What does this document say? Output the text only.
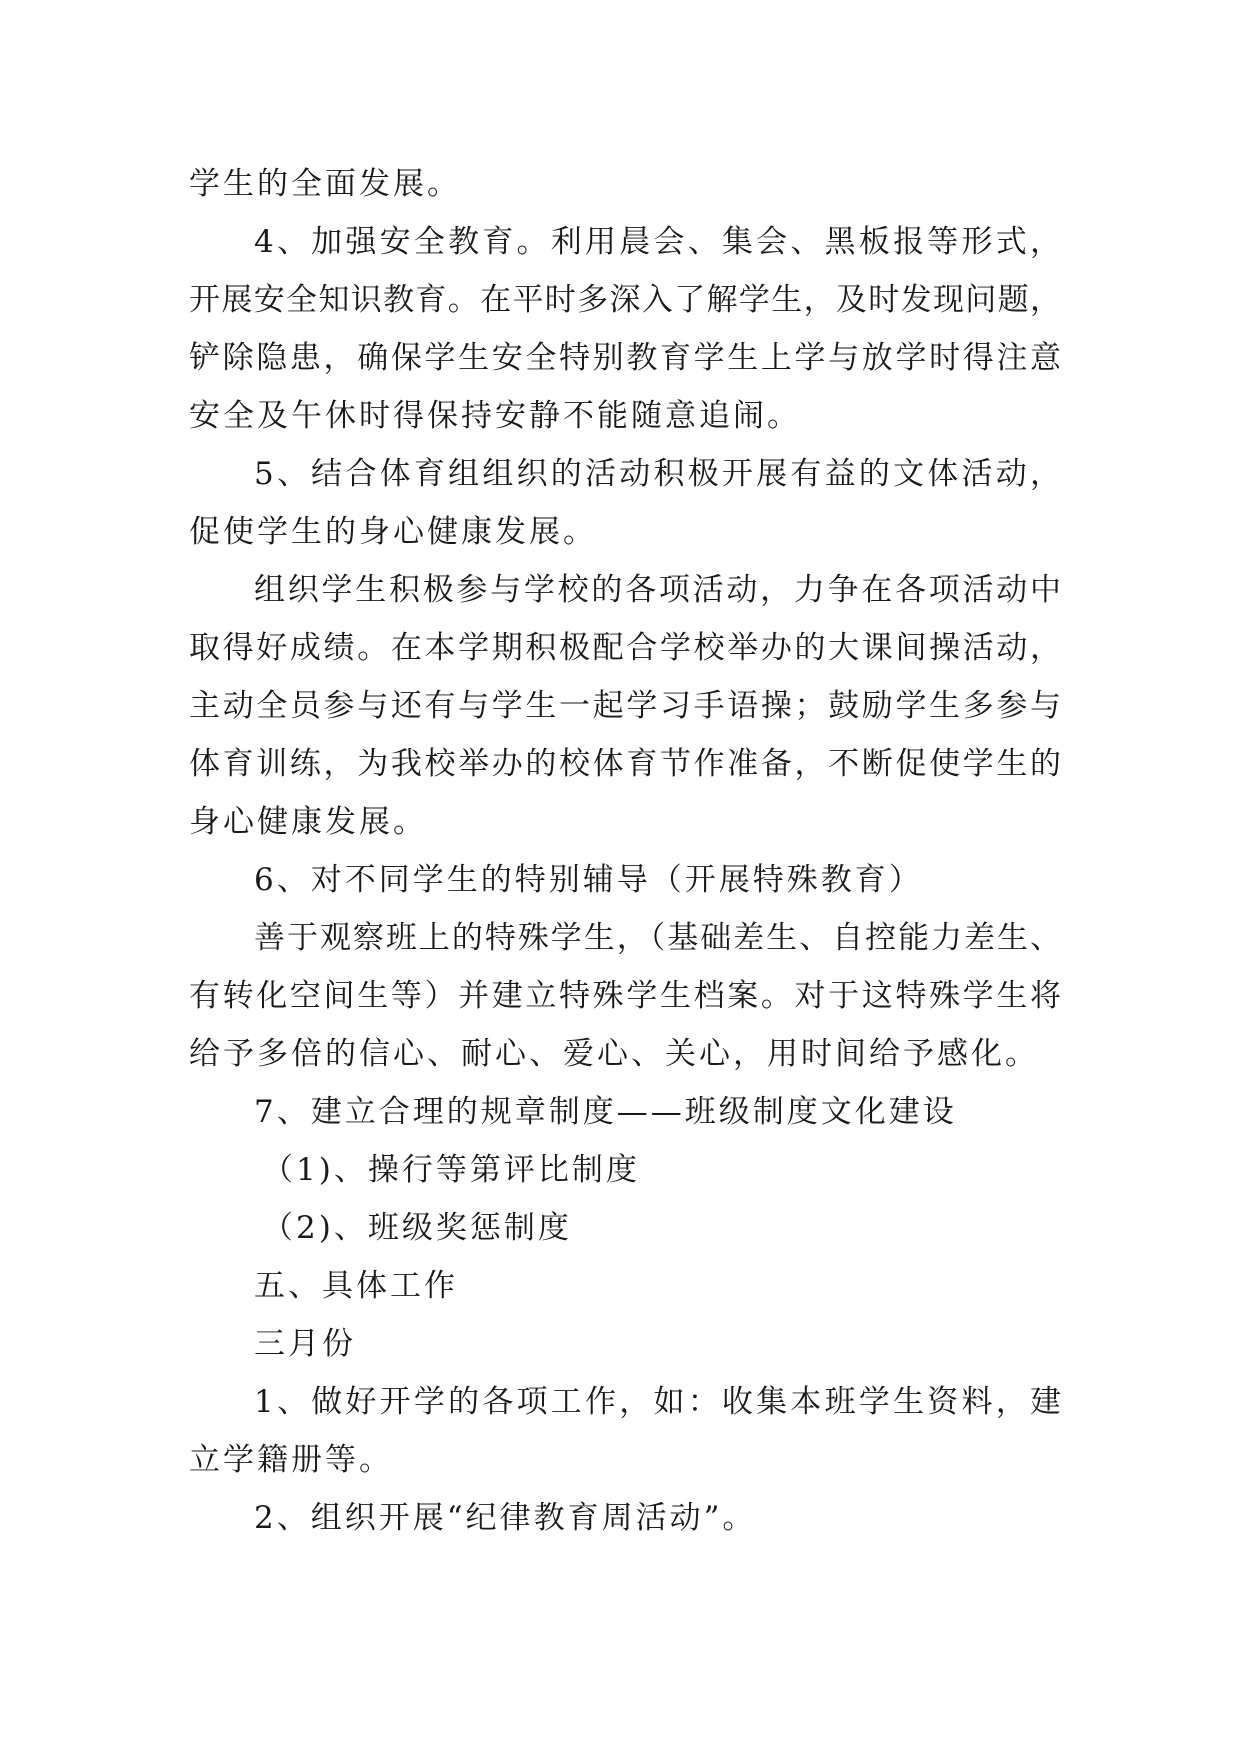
学生的全面发展。
4、加强安全教育。利用晨会、集会、黑板报等形式，
开展安全知识教育。在平时多深入了解学生，及时发现问题，
铲除隐患，确保学生安全特别教育学生上学与放学时得注意
安全及午休时得保持安静不能随意追闹。
5、结合体育组组织的活动积极开展有益的文体活动，
促使学生的身心健康发展。
组织学生积极参与学校的各项活动，力争在各项活动中
取得好成绩。在本学期积极配合学校举办的大课间操活动，
主动全员参与还有与学生一起学习手语操；鼓励学生多参与
体育训练，为我校举办的校体育节作准备，不断促使学生的
身心健康发展。
6、对不同学生的特别辅导（开展特殊教育）
善于观察班上的特殊学生，（基础差生、自控能力差生、
有转化空间生等）并建立特殊学生档案。对于这特殊学生将
给予多倍的信心、耐心、爱心、关心，用时间给予感化。
7、建立合理的规章制度——班级制度文化建设
（1)、操行等第评比制度
（2)、班级奖惩制度
五、具体工作
三月份
1、做好开学的各项工作，如：收集本班学生资料，建
立学籍册等。
2、组织开展“纪律教育周活动”。
